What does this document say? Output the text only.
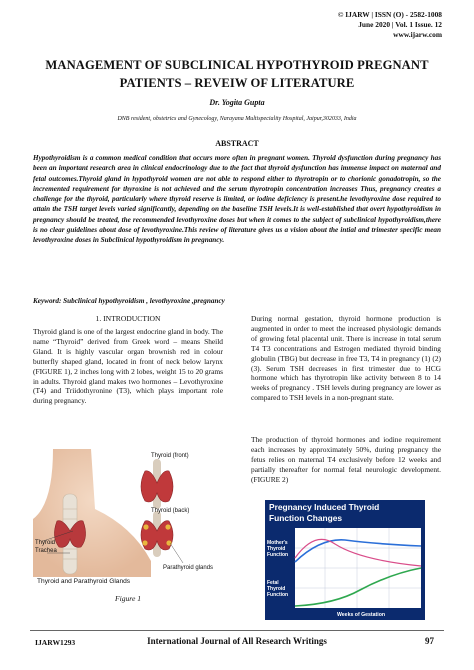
© IJARW | ISSN (O) - 2582-1008
June 2020 | Vol. 1 Issue. 12
www.ijarw.com
MANAGEMENT OF SUBCLINICAL HYPOTHYROID PREGNANT PATIENTS – REVEIW OF LITERATURE
Dr. Yogita Gupta
DNB resident, obstetrics and Gynecology, Narayana Multispeciality Hospital, Jaipur,302033, India
ABSTRACT
Hypothyroidism is a common medical condition that occurs more often in pregnant women. Thyroid dysfunction during pregnancy has been an important research area in clinical endocrinology due to the fact that thyroid dysfunction has immense impact on maternal and fetal outcomes.Thyroid gland in hypothyroid women are not able to respond either to thyrotropin or to chorionic gonadotropin, so the incremented requirement for thyroxine is not achieved and the serum thyrotropin concentration increases Thus, pregnancy creates a challenge for the thyroid, particularly where thyroid reserve is limited, or iodine deficiency is present.he levothyroxine dose required to attain the TSH target levels varied significantly, depending on the baseline TSH levels.It is well-established that overt hypothyroidism in pregnancy should be treated, the recommended levothyroxine doses but when it comes to the subject of subclinical hypothyroidism,there is no clear guidelines about dose of levothyroxine.This review of literature gives us a vision about the intial and trimester specific mean levothyroxine doses in Subclinical hypothyroidism in pregnancy.
Keyword: Subclinical hypothyroidism , levothyroxine ,pregnancy
1. INTRODUCTION
Thyroid gland is one of the largest endocrine gland in body. The name “Thyroid” derived from Greek word – means Sheild Gland. It is highly vascular organ brownish red in colour butterfly shaped gland, located in front of neck below larynx (FIGURE 1), 2 inches long with 2 lobes, weight 15 to 20 grams in adults. Thyroid gland makes two hormones – Levothyroxine (T4) and Triidothyronine (T3), which plays important role during pregnancy.
During normal gestation, thyroid hormone production is augmented in order to meet the increased physiologic demands of growing fetal placental unit. There is increase in total serum T4 T3 concentrations and Estrogen mediated thyroid binding globulin (TBG) but decrease in free T3, T4 in pregnancy (1) (2) (3). Serum TSH decreases in first trimester due to HCG hormone which has thyrotropin like activity between 8 to 14 weeks of pregnancy . TSH levels during pregnancy are lower as compared to TSH levels in a non-pregnant state.
The production of thyroid hormones and iodine requirement each increases by approximately 50%, during pregnancy the fetus relies on maternal T4 exclusively before 12 weeks and partially thereafter for normal fetal neurologic development. (FIGURE 2)
Thyroid (front)
Thyroid (back)
Thyroid
Trachea
Parathyroid glands
Thyroid and Parathyroid Glands
Figure 1
Pregnancy Induced Thyroid
Function Changes
Mother's
Thyroid
Function
Fetal
Thyroid
Function
Weeks of Gestation
IJARW1293	International Journal of All Research Writings	97
